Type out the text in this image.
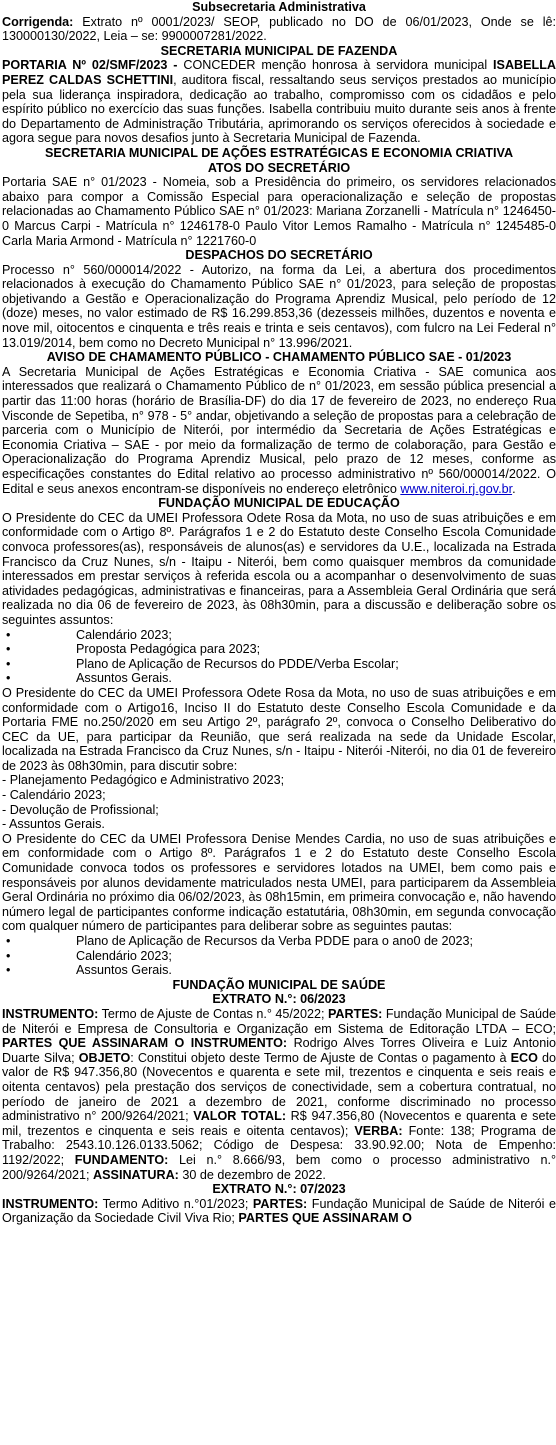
Subsecretaria Administrativa

Corrigenda: Extrato nº 0001/2023/ SEOP, publicado no DO de 06/01/2023, Onde se lê: 130000130/2022, Leia – se: 9900007281/2022.

SECRETARIA MUNICIPAL DE FAZENDA

PORTARIA Nº 02/SMF/2023 - CONCEDER menção honrosa à servidora municipal ISABELLA PEREZ CALDAS SCHETTINI, auditora fiscal, ressaltando seus serviços prestados ao município pela sua liderança inspiradora, dedicação ao trabalho, compromisso com os cidadãos e pelo espírito público no exercício das suas funções. Isabella contribuiu muito durante seis anos à frente do Departamento de Administração Tributária, aprimorando os serviços oferecidos à sociedade e agora segue para novos desafios junto à Secretaria Municipal de Fazenda.

SECRETARIA MUNICIPAL DE AÇÕES ESTRATÉGICAS E ECONOMIA CRIATIVA

ATOS DO SECRETÁRIO

Portaria SAE n° 01/2023 - Nomeia, sob a Presidência do primeiro, os servidores relacionados abaixo para compor a Comissão Especial para operacionalização e seleção de propostas relacionadas ao Chamamento Público SAE n° 01/2023: Mariana Zorzanelli - Matrícula n° 1246450-0 Marcus Carpi - Matrícula n° 1246178-0 Paulo Vitor Lemos Ramalho - Matrícula n° 1245485-0 Carla Maria Armond - Matrícula n° 1221760-0

DESPACHOS DO SECRETÁRIO

Processo n° 560/000014/2022 - Autorizo, na forma da Lei, a abertura dos procedimentos relacionados à execução do Chamamento Público SAE n° 01/2023, para seleção de propostas objetivando a Gestão e Operacionalização do Programa Aprendiz Musical, pelo período de 12 (doze) meses, no valor estimado de R$ 16.299.853,36 (dezesseis milhões, duzentos e noventa e nove mil, oitocentos e cinquenta e três reais e trinta e seis centavos), com fulcro na Lei Federal n° 13.019/2014, bem como no Decreto Municipal n° 13.996/2021.

AVISO DE CHAMAMENTO PÚBLICO - CHAMAMENTO PÚBLICO SAE - 01/2023

A Secretaria Municipal de Ações Estratégicas e Economia Criativa - SAE comunica aos interessados que realizará o Chamamento Público de n° 01/2023, em sessão pública presencial a partir das 11:00 horas (horário de Brasília-DF) do dia 17 de fevereiro de 2023, no endereço Rua Visconde de Sepetiba, n° 978 - 5° andar, objetivando a seleção de propostas para a celebração de parceria com o Município de Niterói, por intermédio da Secretaria de Ações Estratégicas e Economia Criativa – SAE - por meio da formalização de termo de colaboração, para Gestão e Operacionalização do Programa Aprendiz Musical, pelo prazo de 12 meses, conforme as especificações constantes do Edital relativo ao processo administrativo nº 560/000014/2022. O Edital e seus anexos encontram-se disponíveis no endereço eletrônico www.niteroi.rj.gov.br.

FUNDAÇÃO MUNICIPAL DE EDUCAÇÃO

O Presidente do CEC da UMEI Professora Odete Rosa da Mota, no uso de suas atribuições e em conformidade com o Artigo 8º. Parágrafos 1 e 2 do Estatuto deste Conselho Escola Comunidade convoca professores(as), responsáveis de alunos(as) e servidores da U.E., localizada na Estrada Francisco da Cruz Nunes, s/n - Itaipu - Niterói, bem como quaisquer membros da comunidade interessados em prestar serviços à referida escola ou a acompanhar o desenvolvimento de suas atividades pedagógicas, administrativas e financeiras, para a Assembleia Geral Ordinária que será realizada no dia 06 de fevereiro de 2023, às 08h30min, para a discussão e deliberação sobre os seguintes assuntos:

•	Calendário 2023;
•	Proposta Pedagógica para 2023;
•	Plano de Aplicação de Recursos do PDDE/Verba Escolar;
•	Assuntos Gerais.

O Presidente do CEC da UMEI Professora Odete Rosa da Mota, no uso de suas atribuições e em conformidade com o Artigo16, Inciso II do Estatuto deste Conselho Escola Comunidade e da Portaria FME no.250/2020 em seu Artigo 2º, parágrafo 2º, convoca o Conselho Deliberativo do CEC da UE, para participar da Reunião, que será realizada na sede da Unidade Escolar, localizada na Estrada Francisco da Cruz Nunes, s/n - Itaipu - Niterói -Niterói, no dia 01 de fevereiro de 2023 às 08h30min, para discutir sobre:

- Planejamento Pedagógico e Administrativo 2023;

- Calendário 2023;

- Devolução de Profissional;

- Assuntos Gerais.

O Presidente do CEC da UMEI Professora Denise Mendes Cardia, no uso de suas atribuições e em conformidade com o Artigo 8º. Parágrafos 1 e 2 do Estatuto deste Conselho Escola Comunidade convoca todos os professores e servidores lotados na UMEI, bem como pais e responsáveis por alunos devidamente matriculados nesta UMEI, para participarem da Assembleia Geral Ordinária no próximo dia 06/02/2023, às 08h15min, em primeira convocação e, não havendo número legal de participantes conforme indicação estatutária, 08h30min, em segunda convocação com qualquer número de participantes para deliberar sobre as seguintes pautas:

•	Plano de Aplicação de Recursos da Verba PDDE para o ano0 de 2023;
•	Calendário 2023;
•	Assuntos Gerais.

FUNDAÇÃO MUNICIPAL DE SAÚDE

EXTRATO N.°: 06/2023

INSTRUMENTO: Termo de Ajuste de Contas n.° 45/2022; PARTES: Fundação Municipal de Saúde de Niterói e Empresa de Consultoria e Organização em Sistema de Editoração LTDA – ECO; PARTES QUE ASSINARAM O INSTRUMENTO: Rodrigo Alves Torres Oliveira e Luiz Antonio Duarte Silva; OBJETO: Constitui objeto deste Termo de Ajuste de Contas o pagamento à ECO do valor de R$ 947.356,80 (Novecentos e quarenta e sete mil, trezentos e cinquenta e seis reais e oitenta centavos) pela prestação dos serviços de conectividade, sem a cobertura contratual, no período de janeiro de 2021 a dezembro de 2021, conforme discriminado no processo administrativo n° 200/9264/2021; VALOR TOTAL: R$ 947.356,80 (Novecentos e quarenta e sete mil, trezentos e cinquenta e seis reais e oitenta centavos); VERBA: Fonte: 138; Programa de Trabalho: 2543.10.126.0133.5062; Código de Despesa: 33.90.92.00; Nota de Empenho: 1192/2022; FUNDAMENTO: Lei n.° 8.666/93, bem como o processo administrativo n.° 200/9264/2021; ASSINATURA: 30 de dezembro de 2022.

EXTRATO N.°: 07/2023

INSTRUMENTO: Termo Aditivo n.°01/2023; PARTES: Fundação Municipal de Saúde de Niterói e Organização da Sociedade Civil Viva Rio; PARTES QUE ASSINARAM O
